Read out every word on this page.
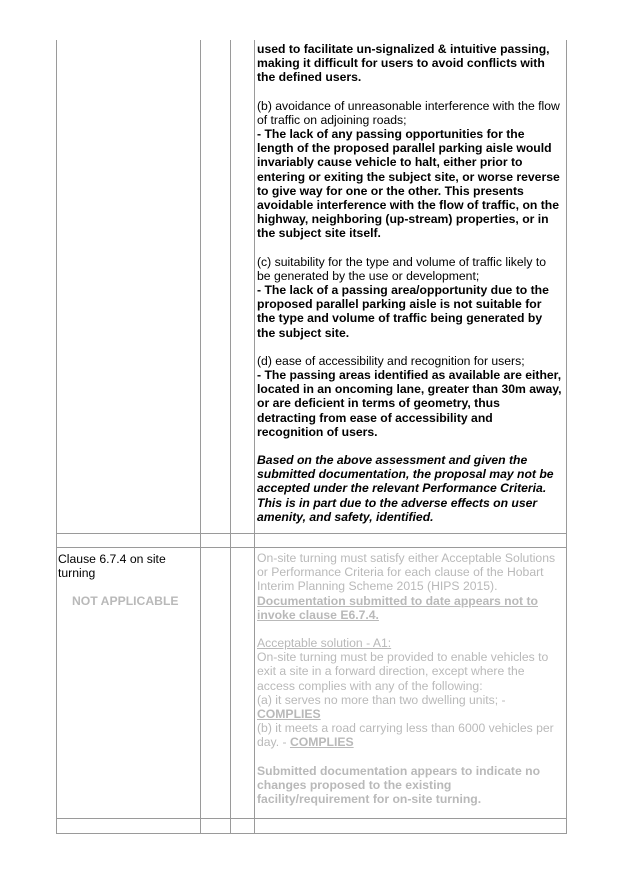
used to facilitate un-signalized & intuitive passing, making it difficult for users to avoid conflicts with the defined users.

(b) avoidance of unreasonable interference with the flow of traffic on adjoining roads;
- The lack of any passing opportunities for the length of the proposed parallel parking aisle would invariably cause vehicle to halt, either prior to entering or exiting the subject site, or worse reverse to give way for one or the other. This presents avoidable interference with the flow of traffic, on the highway, neighboring (up-stream) properties, or in the subject site itself.

(c) suitability for the type and volume of traffic likely to be generated by the use or development;
- The lack of a passing area/opportunity due to the proposed parallel parking aisle is not suitable for the type and volume of traffic being generated by the subject site.

(d) ease of accessibility and recognition for users;
- The passing areas identified as available are either, located in an oncoming lane, greater than 30m away, or are deficient in terms of geometry, thus detracting from ease of accessibility and recognition of users.

Based on the above assessment and given the submitted documentation, the proposal may not be accepted under the relevant Performance Criteria. This is in part due to the adverse effects on user amenity, and safety, identified.

Clause 6.7.4 on site turning
NOT APPLICABLE

On-site turning must satisfy either Acceptable Solutions or Performance Criteria for each clause of the Hobart Interim Planning Scheme 2015 (HIPS 2015).
Documentation submitted to date appears not to invoke clause E6.7.4.

Acceptable solution - A1:
On-site turning must be provided to enable vehicles to exit a site in a forward direction, except where the access complies with any of the following:
(a) it serves no more than two dwelling units; -
COMPLIES
(b) it meets a road carrying less than 6000 vehicles per day. - COMPLIES

Submitted documentation appears to indicate no changes proposed to the existing facility/requirement for on-site turning.
